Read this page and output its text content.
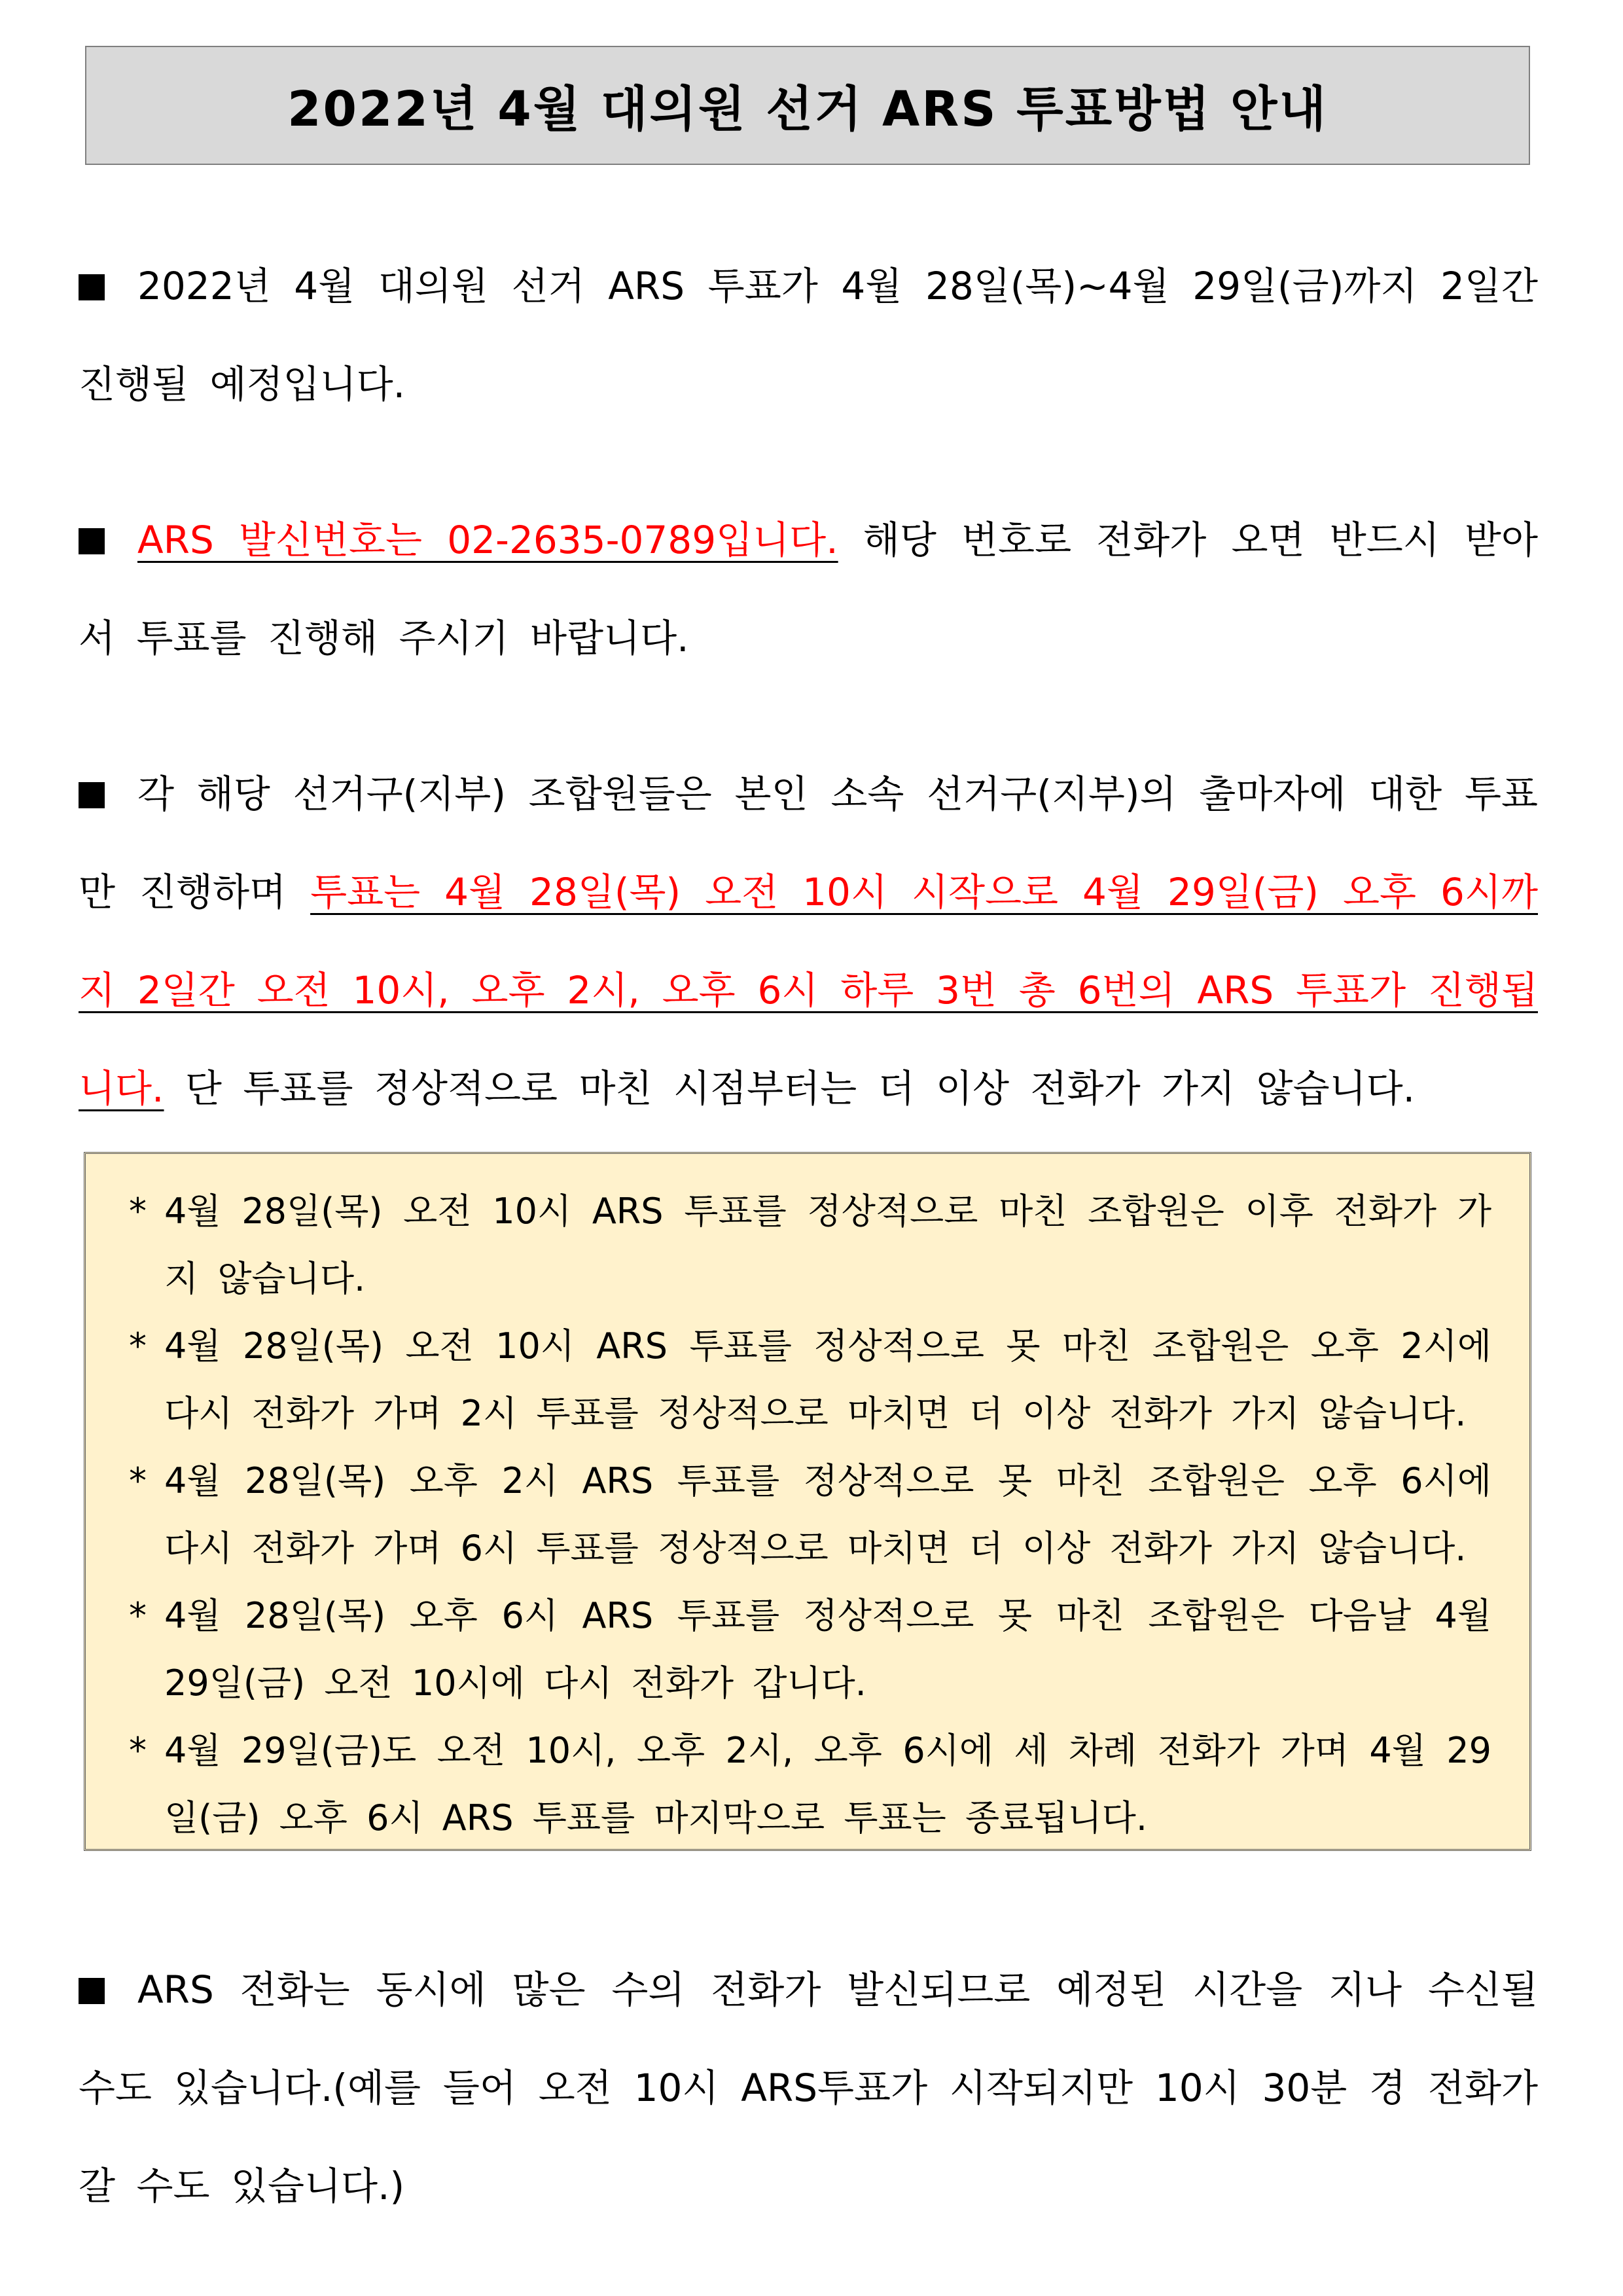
2022년 4월 대의원 선거 ARS 투표방법 안내

2022년 4월 대의원 선거 ARS 투표가 4월 28일(목)~4월 29일(금)까지 2일간 진행될 예정입니다.

ARS 발신번호는 02-2635-0789입니다. 해당 번호로 전화가 오면 반드시 받아서 투표를 진행해 주시기 바랍니다.

각 해당 선거구(지부) 조합원들은 본인 소속 선거구(지부)의 출마자에 대한 투표만 진행하며 투표는 4월 28일(목) 오전 10시 시작으로 4월 29일(금) 오후 6시까지 2일간 오전 10시, 오후 2시, 오후 6시 하루 3번 총 6번의 ARS 투표가 진행됩니다. 단 투표를 정상적으로 마친 시점부터는 더 이상 전화가 가지 않습니다.

* 4월 28일(목) 오전 10시 ARS 투표를 정상적으로 마친 조합원은 이후 전화가 가지 않습니다.
* 4월 28일(목) 오전 10시 ARS 투표를 정상적으로 못 마친 조합원은 오후 2시에 다시 전화가 가며 2시 투표를 정상적으로 마치면 더 이상 전화가 가지 않습니다.
* 4월 28일(목) 오후 2시 ARS 투표를 정상적으로 못 마친 조합원은 오후 6시에 다시 전화가 가며 6시 투표를 정상적으로 마치면 더 이상 전화가 가지 않습니다.
* 4월 28일(목) 오후 6시 ARS 투표를 정상적으로 못 마친 조합원은 다음날 4월 29일(금) 오전 10시에 다시 전화가 갑니다.
* 4월 29일(금)도 오전 10시, 오후 2시, 오후 6시에 세 차례 전화가 가며 4월 29일(금) 오후 6시 ARS 투표를 마지막으로 투표는 종료됩니다.

ARS 전화는 동시에 많은 수의 전화가 발신되므로 예정된 시간을 지나 수신될 수도 있습니다.(예를 들어 오전 10시 ARS투표가 시작되지만 10시 30분 경 전화가 갈 수도 있습니다.)
